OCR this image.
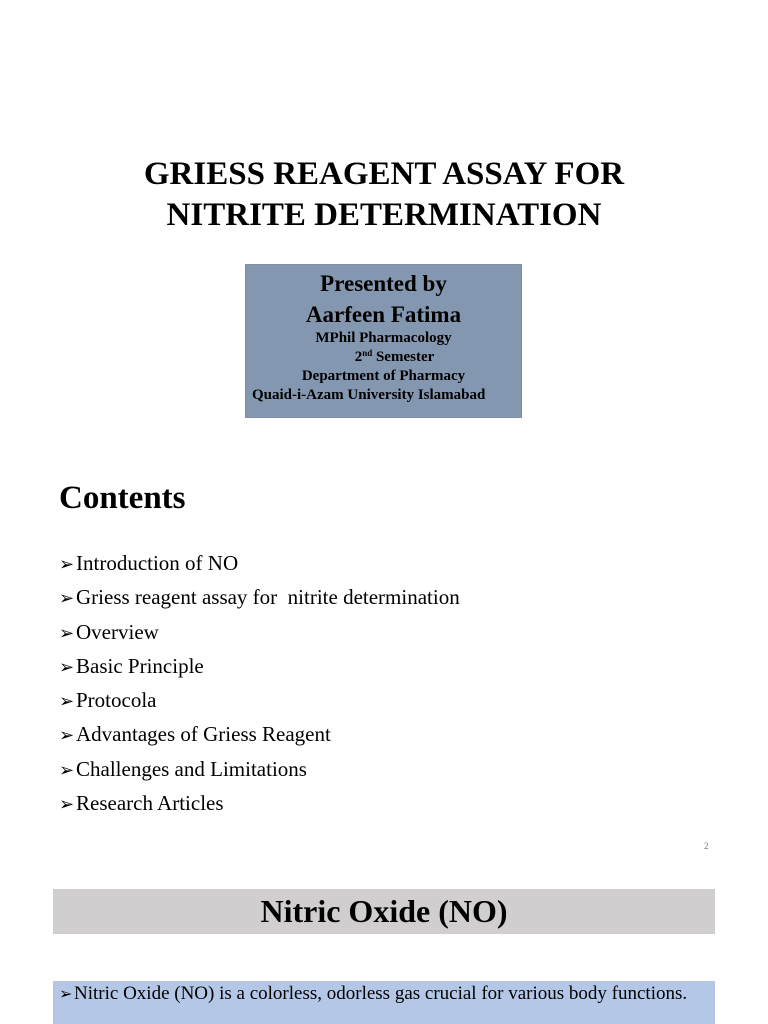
GRIESS REAGENT ASSAY FOR
NITRITE DETERMINATION
Presented by
Aarfeen Fatima
MPhil Pharmacology
2nd Semester
Department of Pharmacy
Quaid-i-Azam University Islamabad
Contents
➢ Introduction of NO
➢ Griess reagent assay for  nitrite determination
➢ Overview
➢ Basic Principle
➢ Protocola
➢ Advantages of Griess Reagent
➢ Challenges and Limitations
➢ Research Articles
2
Nitric Oxide (NO)
➢ Nitric Oxide (NO) is a colorless, odorless gas crucial for various body functions.
